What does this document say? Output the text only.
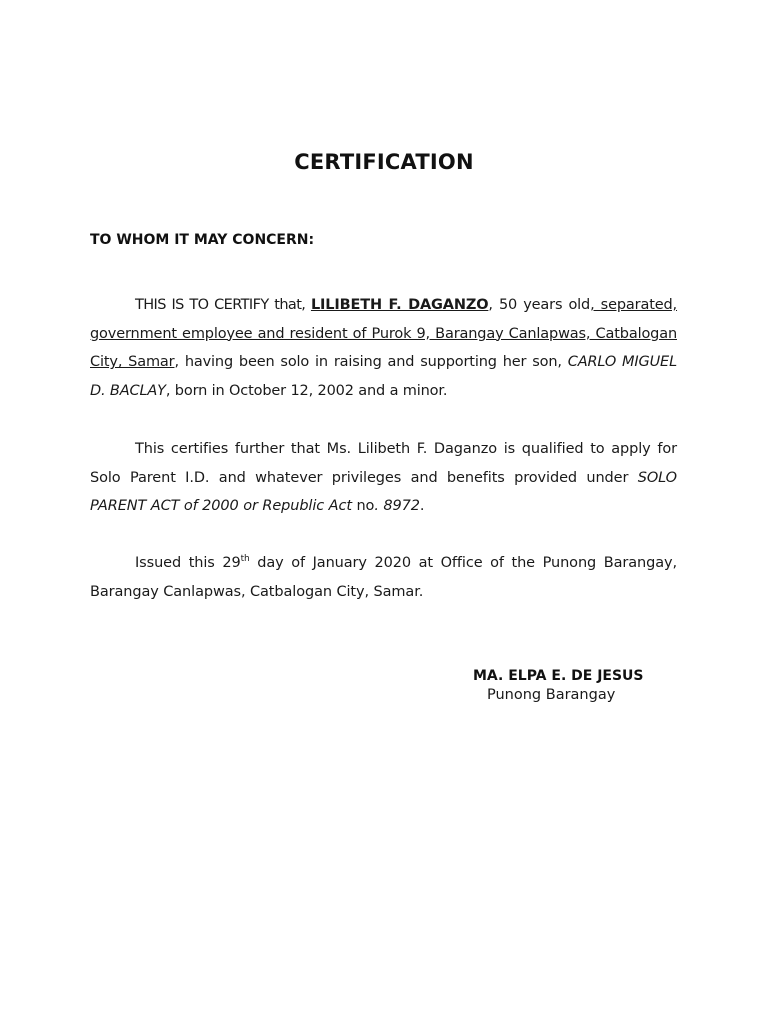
CERTIFICATION
TO WHOM IT MAY CONCERN:

THIS IS TO CERTIFY that, LILIBETH F. DAGANZO, 50 years old, separated, government employee and resident of Purok 9, Barangay Canlapwas, Catbalogan City, Samar, having been solo in raising and supporting her son, CARLO MIGUEL D. BACLAY, born in October 12, 2002 and a minor.

This certifies further that Ms. Lilibeth F. Daganzo is qualified to apply for Solo Parent I.D. and whatever privileges and benefits provided under SOLO PARENT ACT of 2000 or Republic Act no. 8972.

Issued this 29th day of January 2020 at Office of the Punong Barangay, Barangay Canlapwas, Catbalogan City, Samar.

MA. ELPA E. DE JESUS
Punong Barangay
